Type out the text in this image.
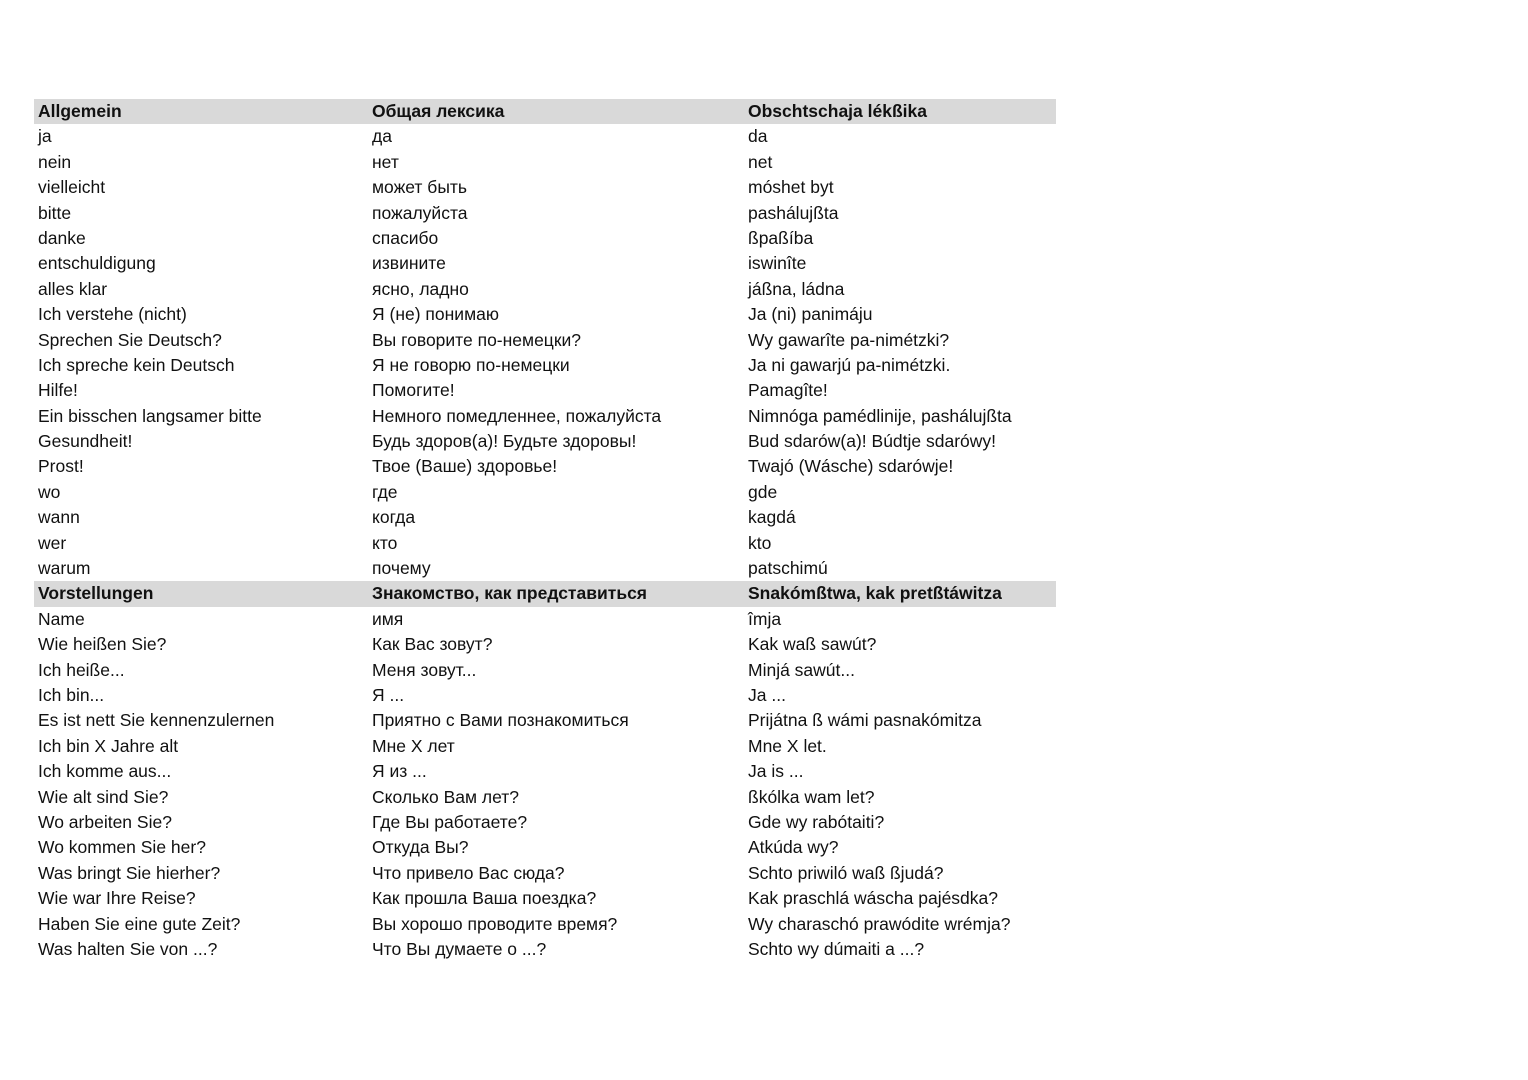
Allgemein	Общая лексика	Obschtschaja lékßika
ja	да	da
nein	нет	net
vielleicht	может быть	móshet byt
bitte	пожалуйста	pashálujßta
danke	спасибо	ßpaßíba
entschuldigung	извините	iswinîte
alles klar	ясно, ладно	jáßna, ládna
Ich verstehe (nicht)	Я (не) понимаю	Ja (ni) panimáju
Sprechen Sie Deutsch?	Вы говорите по-немецки?	Wy gawarîte pa-nimétzki?
Ich spreche kein Deutsch	Я не говорю по-немецки	Ja ni gawarjú pa-nimétzki.
Hilfe!	Помогите!	Pamagîte!
Ein bisschen langsamer bitte	Немного помедленнее, пожалуйста	Nimnóga pamédlinije, pashálujßta
Gesundheit!	Будь здоров(а)! Будьте здоровы!	Bud sdarów(a)! Búdtje sdarówy!
Prost!	Твое (Ваше) здоровье!	Twajó (Wásche) sdarówje!
wo	где	gde
wann	когда	kagdá
wer	кто	kto
warum	почему	patschimú
Vorstellungen	Знакомство, как представиться	Snakómßtwa, kak pretßtáwitza
Name	имя	îmja
Wie heißen Sie?	Как Вас зовут?	Kak waß sawút?
Ich heiße...	Меня зовут...	Minjá sawút...
Ich bin...	Я ...	Ja ...
Es ist nett Sie kennenzulernen	Приятно с Вами познакомиться	Prijátna ß wámi pasnakómitza
Ich bin X Jahre alt	Мне Х лет	Mne X let.
Ich komme aus...	Я из ...	Ja is ...
Wie alt sind Sie?	Сколько Вам лет?	ßkólka wam let?
Wo arbeiten Sie?	Где Вы работаете?	Gde wy rabótaiti?
Wo kommen Sie her?	Откуда Вы?	Atkúda wy?
Was bringt Sie hierher?	Что привело Вас сюда?	Schto priwiló waß ßjudá?
Wie war Ihre Reise?	Как прошла Ваша поездка?	Kak praschlá wáscha pajésdka?
Haben Sie eine gute Zeit?	Вы хорошо проводите время?	Wy charaschó prawódite wrémja?
Was halten Sie von ...?	Что Вы думаете о ...?	Schto wy dúmaiti a ...?
